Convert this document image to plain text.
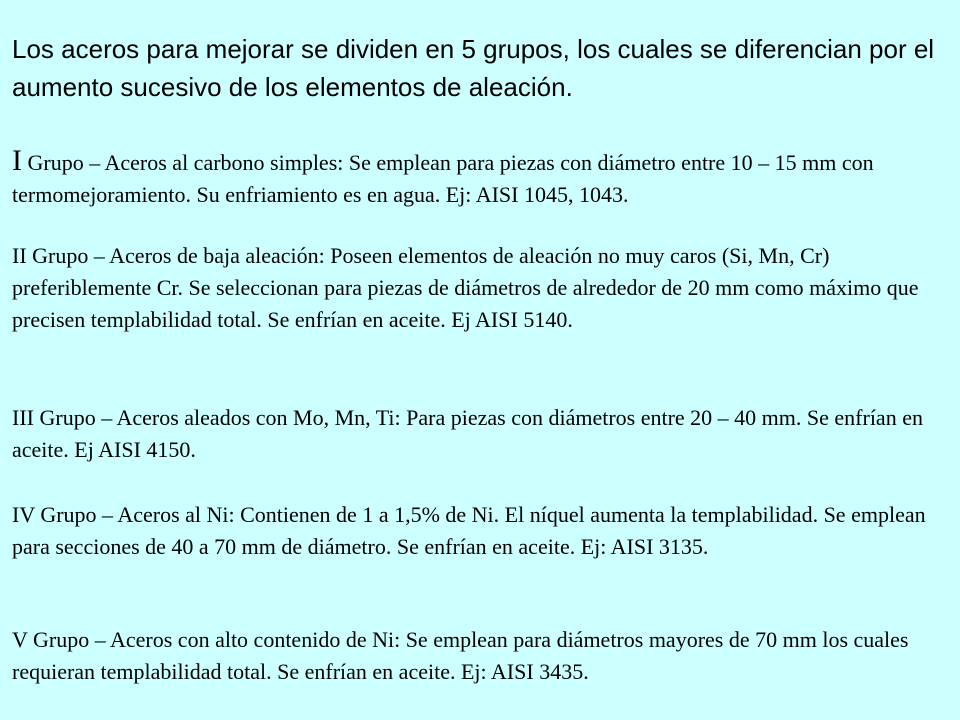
Los aceros para mejorar se dividen en 5 grupos, los cuales se diferencian por el aumento sucesivo de los elementos de aleación.

I Grupo – Aceros al carbono simples: Se emplean para piezas con diámetro entre 10 – 15 mm con termomejoramiento. Su enfriamiento es en agua. Ej: AISI 1045, 1043.

II Grupo – Aceros de baja aleación: Poseen elementos de aleación no muy caros (Si, Mn, Cr) preferiblemente Cr. Se seleccionan para piezas de diámetros de alrededor de 20 mm como máximo que precisen templabilidad total. Se enfrían en aceite. Ej AISI 5140.

III Grupo – Aceros aleados con Mo, Mn, Ti: Para piezas con diámetros entre 20 – 40 mm. Se enfrían en aceite. Ej AISI 4150.

IV Grupo – Aceros al Ni: Contienen de 1 a 1,5% de Ni. El níquel aumenta la templabilidad. Se emplean para secciones de 40 a 70 mm de diámetro. Se enfrían en aceite. Ej: AISI 3135.

V Grupo – Aceros con alto contenido de Ni: Se emplean para diámetros mayores de 70 mm los cuales requieran templabilidad total. Se enfrían en aceite. Ej: AISI 3435.
